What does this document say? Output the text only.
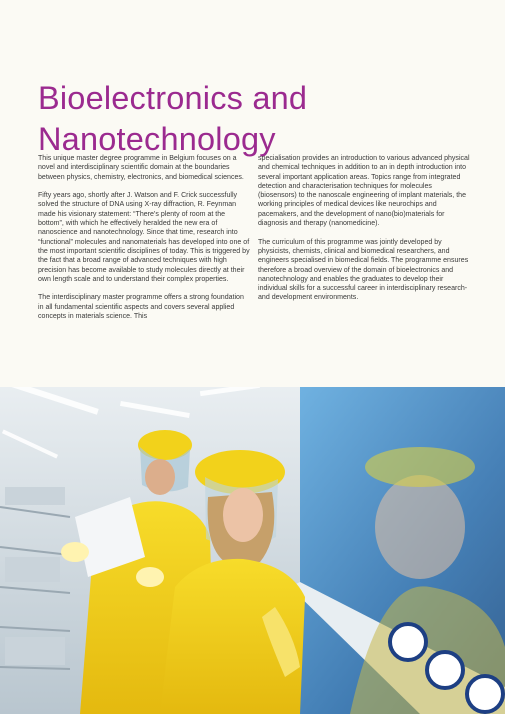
Bioelectronics and Nanotechnology

This unique master degree programme in Belgium focuses on a novel and interdisciplinary scientific domain at the boundaries between physics, chemistry, electronics, and biomedical sciences.

Fifty years ago, shortly after J. Watson and F. Crick successfully solved the structure of DNA using X-ray diffraction, R. Feynman made his visionary statement: “There’s plenty of room at the bottom”, with which he effectively heralded the new era of nanoscience and nanotechnology. Since that time, research into “functional” molecules and nanomaterials has developed into one of the most important scientific disciplines of today. This is triggered by the fact that a broad range of advanced techniques with high precision has become available to study molecules directly at their own length scale and to understand their complex properties.

The interdisciplinary master programme offers a strong foundation in all fundamental scientific aspects and covers several applied concepts in materials science. This

specialisation provides an introduction to various advanced physical and chemical techniques in addition to an in depth introduction into several important application areas. Topics range from integrated detection and characterisation techniques for molecules (biosensors) to the nanoscale engineering of implant materials, the working principles of medical devices like neurochips and pacemakers, and the development of nano(bio)materials for diagnosis and therapy (nanomedicine).

The curriculum of this programme was jointly developed by physicists, chemists, clinical and biomedical researchers, and engineers specialised in biomedical fields. The programme ensures therefore a broad overview of the domain of bioelectronics and nanotechnology and enables the graduates to develop their individual skills for a successful career in interdisciplinary research- and development environments.
